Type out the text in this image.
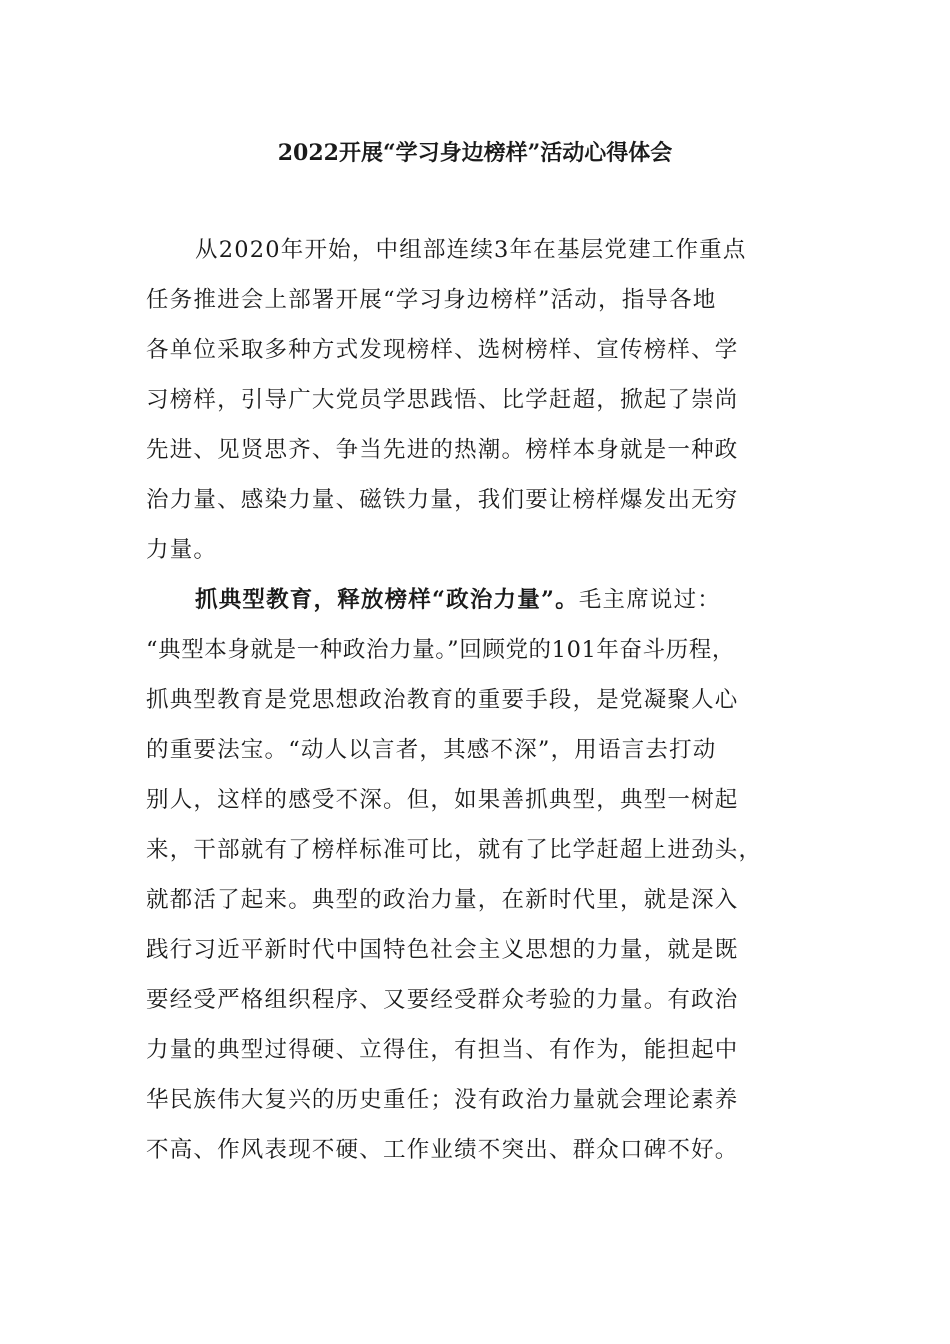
2022开展“学习身边榜样”活动心得体会
从2020年开始，中组部连续3年在基层党建工作重点
任务推进会上部署开展“学习身边榜样”活动，指导各地
各单位采取多种方式发现榜样、选树榜样、宣传榜样、学
习榜样，引导广大党员学思践悟、比学赶超，掀起了崇尚
先进、见贤思齐、争当先进的热潮。榜样本身就是一种政
治力量、感染力量、磁铁力量，我们要让榜样爆发出无穷
力量。
抓典型教育，释放榜样“政治力量”。毛主席说过：
“典型本身就是一种政治力量。”回顾党的101年奋斗历程，
抓典型教育是党思想政治教育的重要手段，是党凝聚人心
的重要法宝。“动人以言者，其感不深”，用语言去打动
别人，这样的感受不深。但，如果善抓典型，典型一树起
来，干部就有了榜样标准可比，就有了比学赶超上进劲头，
就都活了起来。典型的政治力量，在新时代里，就是深入
践行习近平新时代中国特色社会主义思想的力量，就是既
要经受严格组织程序、又要经受群众考验的力量。有政治
力量的典型过得硬、立得住，有担当、有作为，能担起中
华民族伟大复兴的历史重任；没有政治力量就会理论素养
不高、作风表现不硬、工作业绩不突出、群众口碑不好。
